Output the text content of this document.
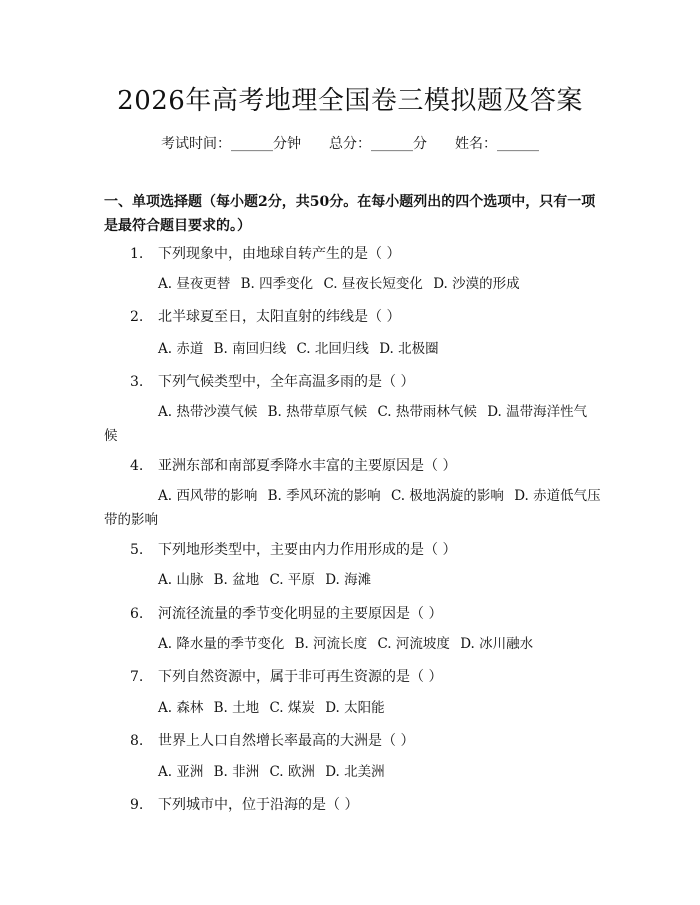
2026年高考地理全国卷三模拟题及答案
考试时间：______分钟 总分：______分 姓名：______
一、单项选择题（每小题2分，共50分。在每小题列出的四个选项中，只有一项是最符合题目要求的。）
1. 下列现象中，由地球自转产生的是（ ）
A. 昼夜更替 B. 四季变化 C. 昼夜长短变化 D. 沙漠的形成
2. 北半球夏至日，太阳直射的纬线是（ ）
A. 赤道 B. 南回归线 C. 北回归线 D. 北极圈
3. 下列气候类型中，全年高温多雨的是（ ）
A. 热带沙漠气候 B. 热带草原气候 C. 热带雨林气候 D. 温带海洋性气候
4. 亚洲东部和南部夏季降水丰富的主要原因是（ ）
A. 西风带的影响 B. 季风环流的影响 C. 极地涡旋的影响 D. 赤道低气压带的影响
5. 下列地形类型中，主要由内力作用形成的是（ ）
A. 山脉 B. 盆地 C. 平原 D. 海滩
6. 河流径流量的季节变化明显的主要原因是（ ）
A. 降水量的季节变化 B. 河流长度 C. 河流坡度 D. 冰川融水
7. 下列自然资源中，属于非可再生资源的是（ ）
A. 森林 B. 土地 C. 煤炭 D. 太阳能
8. 世界上人口自然增长率最高的大洲是（ ）
A. 亚洲 B. 非洲 C. 欧洲 D. 北美洲
9. 下列城市中，位于沿海的是（ ）
